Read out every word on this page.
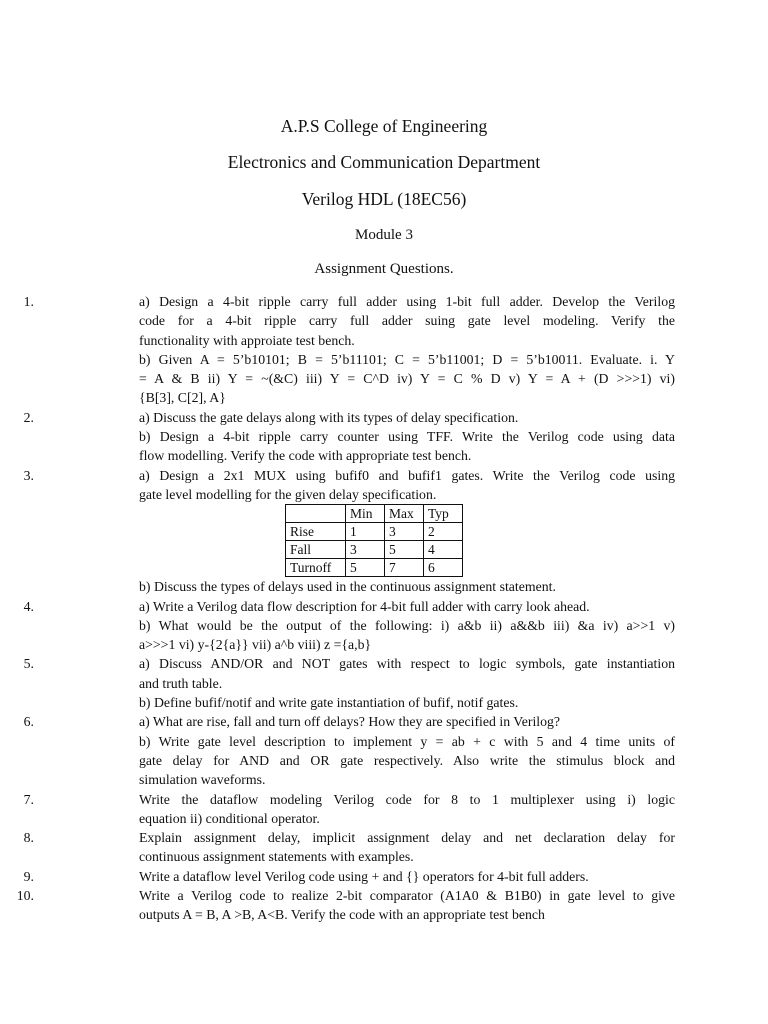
A.P.S College of Engineering
Electronics and Communication Department
Verilog HDL (18EC56)
Module 3
Assignment Questions.
1.	a) Design a 4-bit ripple carry full adder using 1-bit full adder. Develop the Verilog
code for a 4-bit ripple carry full adder suing gate level modeling. Verify the
functionality with approiate test bench.
b) Given A = 5’b10101; B = 5’b11101; C = 5’b11001; D = 5’b10011. Evaluate. i. Y
= A & B ii) Y = ~(&C) iii) Y = C^D iv) Y = C % D v) Y = A + (D >>>1) vi)
{B[3], C[2], A}
2.	a) Discuss the gate delays along with its types of delay specification.
b) Design a 4-bit ripple carry counter using TFF. Write the Verilog code using data
flow modelling. Verify the code with appropriate test bench.
3.	a) Design a 2x1 MUX using bufif0 and bufif1 gates. Write the Verilog code using
gate level modelling for the given delay specification.
	Min	Max	Typ
Rise	1	3	2
Fall	3	5	4
Turnoff	5	7	6
b) Discuss the types of delays used in the continuous assignment statement.
4.	a) Write a Verilog data flow description for 4-bit full adder with carry look ahead.
b) What would be the output of the following: i) a&b ii) a&&b iii) &a iv) a>>1 v)
a>>>1 vi) y-{2{a}} vii) a^b viii) z ={a,b}
5.	a) Discuss AND/OR and NOT gates with respect to logic symbols, gate instantiation
and truth table.
b) Define bufif/notif and write gate instantiation of bufif, notif gates.
6.	a) What are rise, fall and turn off delays? How they are specified in Verilog?
b) Write gate level description to implement y = ab + c with 5 and 4 time units of
gate delay for AND and OR gate respectively. Also write the stimulus block and
simulation waveforms.
7.	Write the dataflow modeling Verilog code for 8 to 1 multiplexer using i) logic
equation ii) conditional operator.
8.	Explain assignment delay, implicit assignment delay and net declaration delay for
continuous assignment statements with examples.
9.	Write a dataflow level Verilog code using + and {} operators for 4-bit full adders.
10.	Write a Verilog code to realize 2-bit comparator (A1A0 & B1B0) in gate level to give
outputs A = B, A >B, A<B. Verify the code with an appropriate test bench
